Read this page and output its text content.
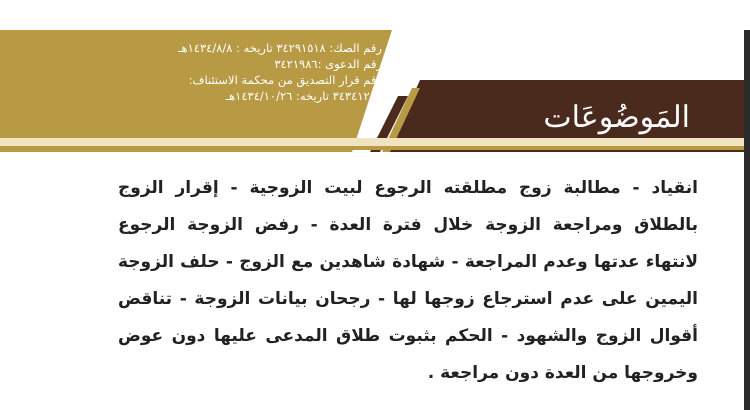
رقم الصك: ٣٤٢٩١٥١٨ تاريخه : ١٤٣٤/٨/٨هـ
رقم الدعوى :٣٤٢١٩٨٦
رقم قرار التصديق من محكمة الاستئناف:
٣٤٣٤١٢١٤ تاريخه: ١٤٣٤/١٠/٢٦هـ
المَوضُوعَات
انقياد - مطالبة زوج مطلقته الرجوع لبيت الزوجية - إقرار الزوج بالطلاق ومراجعة الزوجة خلال فترة العدة - رفض الزوجة الرجوع لانتهاء عدتها وعدم المراجعة - شهادة شاهدين مع الزوج - حلف الزوجة اليمين على عدم استرجاع زوجها لها - رجحان بيانات الزوجة - تناقض أقوال الزوج والشهود - الحكم بثبوت طلاق المدعى عليها دون عوض وخروجها من العدة دون مراجعة .
